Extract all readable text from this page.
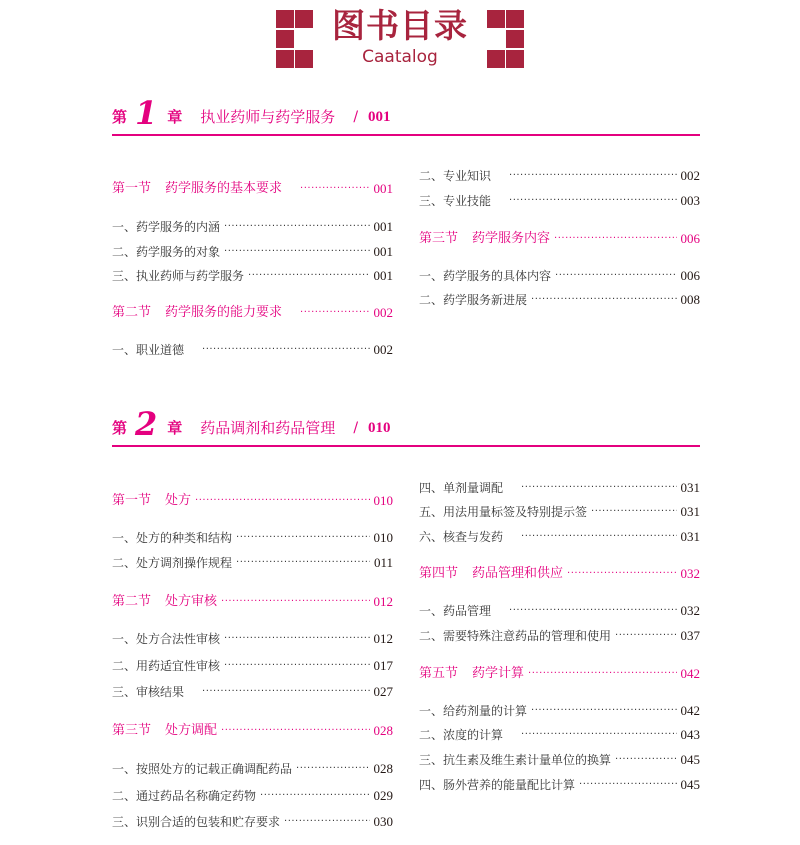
图书目录
Caatalog
第 1 章 执业药师与药学服务 / 001
第一节 药学服务的基本要求 ·····	001
一、药学服务的内涵 ·····	001
二、药学服务的对象 ·····	001
三、执业药师与药学服务 ·····	001
第二节 药学服务的能力要求 ·····	002
一、职业道德 ·····	002
二、专业知识 ·····	002
三、专业技能 ·····	003
第三节 药学服务内容 ·····	006
一、药学服务的具体内容 ·····	006
二、药学服务新进展 ·····	008
第 2 章 药品调剂和药品管理 / 010
第一节 处方 ·····	010
一、处方的种类和结构 ·····	010
二、处方调剂操作规程 ·····	011
第二节 处方审核 ·····	012
一、处方合法性审核 ·····	012
二、用药适宜性审核 ·····	017
三、审核结果 ·····	027
第三节 处方调配 ·····	028
一、按照处方的记载正确调配药品 ·····	028
二、通过药品名称确定药物 ·····	029
三、识别合适的包装和贮存要求 ·····	030
四、单剂量调配 ·····	031
五、用法用量标签及特别提示签 ·····	031
六、核查与发药 ·····	031
第四节 药品管理和供应 ·····	032
一、药品管理 ·····	032
二、需要特殊注意药品的管理和使用 ·····	037
第五节 药学计算 ·····	042
一、给药剂量的计算 ·····	042
二、浓度的计算 ·····	043
三、抗生素及维生素计量单位的换算 ·····	045
四、肠外营养的能量配比计算 ·····	045
